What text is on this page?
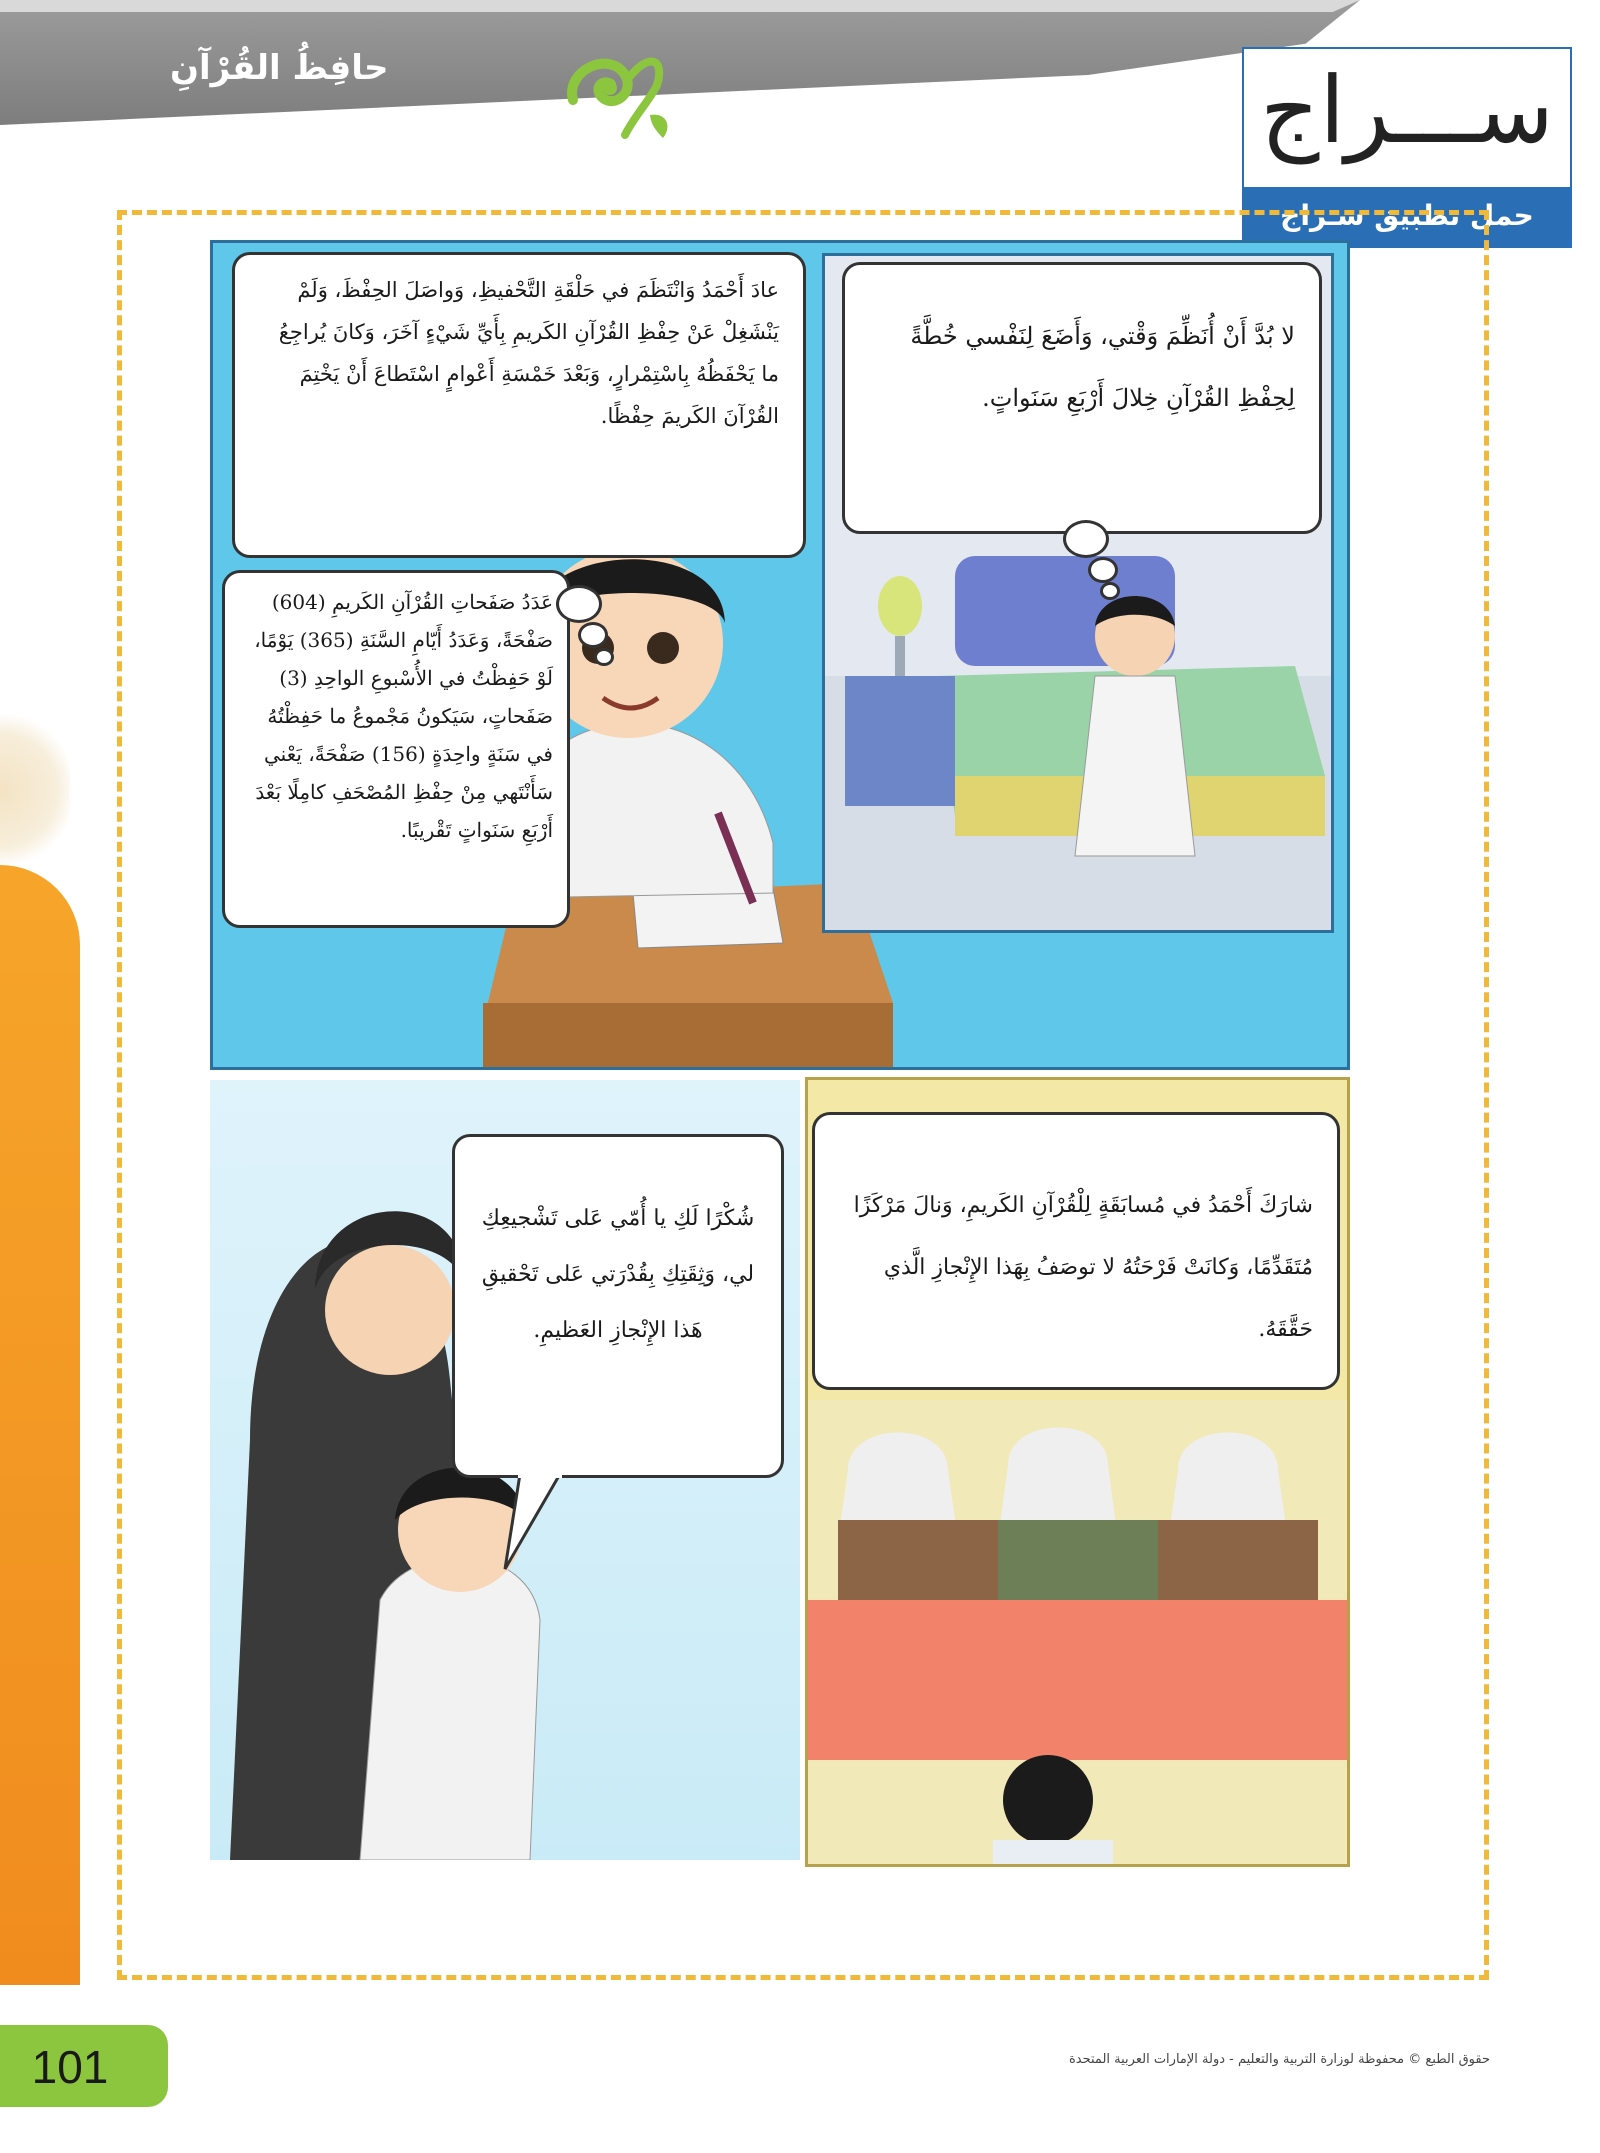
حافِظُ القُرْآنِ	ســـراج
حمل تطبيق سـراج
عادَ أَحْمَدُ وَانْتَظَمَ في حَلْقَةِ التَّحْفيظِ، وَواصَلَ الحِفْظَ، وَلَمْ يَنْشَغِلْ عَنْ حِفْظِ القُرْآنِ الكَريمِ بِأَيِّ شَيْءٍ آخَرَ، وَكانَ يُراجِعُ ما يَحْفَظُهُ بِاسْتِمْرارٍ، وَبَعْدَ خَمْسَةِ أَعْوامٍ اسْتَطاعَ أَنْ يَخْتِمَ القُرْآنَ الكَريمَ حِفْظًا.
لا بُدَّ أَنْ أُنَظِّمَ وَقْتي، وَأَضَعَ لِنَفْسي خُطَّةً لِحِفْظِ القُرْآنِ خِلالَ أَرْبَعِ سَنَواتٍ.
عَدَدُ صَفَحاتِ القُرْآنِ الكَريمِ (604) صَفْحَةً، وَعَدَدُ أَيّامِ السَّنَةِ (365) يَوْمًا، لَوْ حَفِظْتُ في الأُسْبوعِ الواحِدِ (3) صَفَحاتٍ، سَيَكونُ مَجْموعُ ما حَفِظْتُهُ في سَنَةٍ واحِدَةٍ (156) صَفْحَةً، يَعْني سَأَنْتَهي مِنْ حِفْظِ المُصْحَفِ كامِلًا بَعْدَ أَرْبَعِ سَنَواتٍ تَقْريبًا.
شارَكَ أَحْمَدُ في مُسابَقَةٍ لِلْقُرْآنِ الكَريمِ، وَنالَ مَرْكَزًا مُتَقَدِّمًا، وَكانَتْ فَرْحَتُهُ لا توصَفُ بِهَذا الإِنْجازِ الَّذي حَقَّقَهُ.
شُكْرًا لَكِ يا أُمّي عَلى تَشْجيعِكِ لي، وَثِقَتِكِ بِقُدْرَتي عَلى تَحْقيقِ هَذا الإِنْجازِ العَظيمِ.
101	حقوق الطبع © محفوظة لوزارة التربية والتعليم - دولة الإمارات العربية المتحدة
